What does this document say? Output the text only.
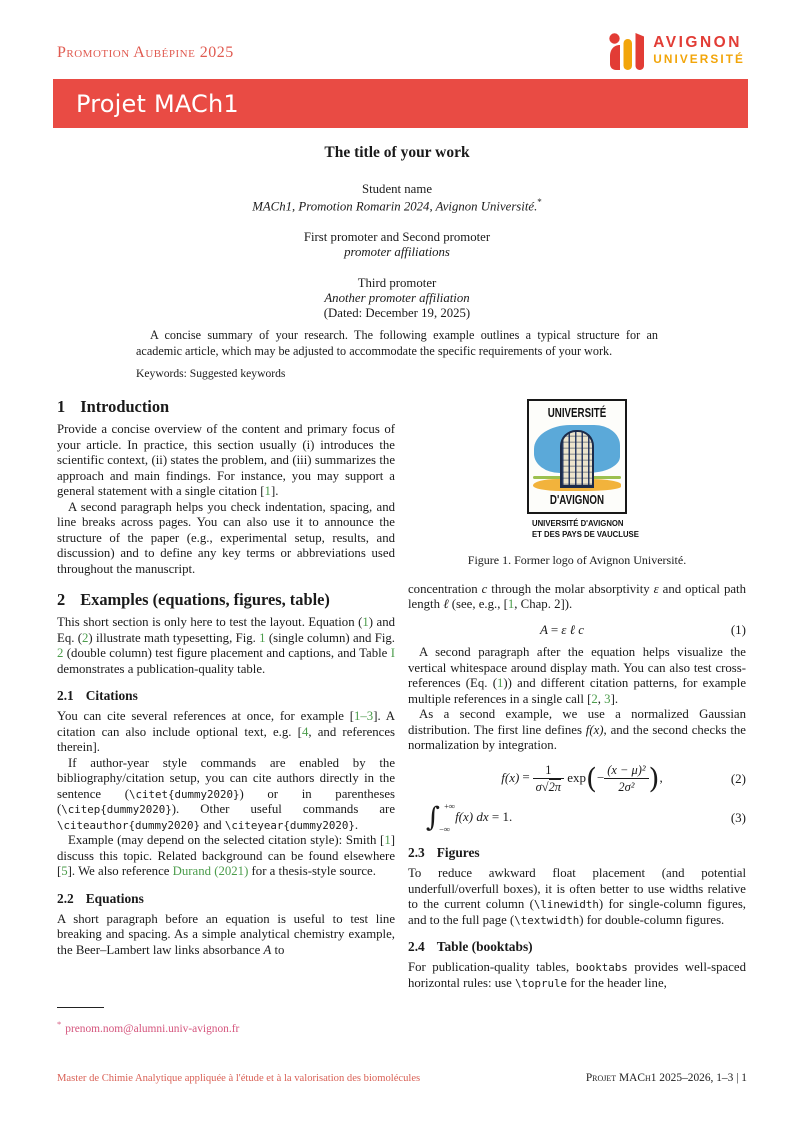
Promotion Aubépine 2025
AVIGNON
UNIVERSITÉ
Projet MACh1
The title of your work
Student name
MACh1, Promotion Romarin 2024, Avignon Université.*
First promoter and Second promoter
promoter affiliations
Third promoter
Another promoter affiliation
(Dated: December 19, 2025)

A concise summary of your research. The following example outlines a typical structure for an academic article, which may be adjusted to accommodate the specific requirements of your work.

Keywords: Suggested keywords

1 Introduction

Provide a concise overview of the content and primary focus of your article. In practice, this section usually (i) introduces the scientific context, (ii) states the problem, and (iii) summarizes the approach and main findings. For instance, you may support a general statement with a single citation [1].

A second paragraph helps you check indentation, spacing, and line breaks across pages. You can also use it to announce the structure of the paper (e.g., experimental setup, results, and discussion) and to define any key terms or abbreviations used throughout the manuscript.

2 Examples (equations, figures, table)

This short section is only here to test the layout. Equation (1) and Eq. (2) illustrate math typesetting, Fig. 1 (single column) and Fig. 2 (double column) test figure placement and captions, and Table I demonstrates a publication-quality table.

2.1 Citations

You can cite several references at once, for example [1–3]. A citation can also include optional text, e.g. [4, and references therein].

If author-year style commands are enabled by the bibliography/citation setup, you can cite authors directly in the sentence (\citet{dummy2020}) or in parentheses (\citep{dummy2020}). Other useful commands are \citeauthor{dummy2020} and \citeyear{dummy2020}.

Example (may depend on the selected citation style): Smith [1] discuss this topic. Related background can be found elsewhere [5]. We also reference Durand (2021) for a thesis-style source.

2.2 Equations

A short paragraph before an equation is useful to test line breaking and spacing. As a simple analytical chemistry example, the Beer–Lambert law links absorbance A to

UNIVERSITÉ
D'AVIGNON
UNIVERSITÉ D'AVIGNON
ET DES PAYS DE VAUCLUSE
Figure 1. Former logo of Avignon Université.

concentration c through the molar absorptivity ε and optical path length ℓ (see, e.g., [1, Chap. 2]).

A = ε ℓ c	(1)

A second paragraph after the equation helps visualize the vertical whitespace around display math. You can also test cross-references (Eq. (1)) and different citation patterns, for example multiple references in a single call [2, 3].

As a second example, we use a normalized Gaussian distribution. The first line defines f(x), and the second checks the normalization by integration.

$f(x) = \frac{1}{\sigma√2\pi} \exp(- \frac{\text{(x − μ)²}}{\text{2σ²}}$ ),	(2)
∫ +∞
−∞
f(x) dx = 1.	(3)
2.3 Figures

To reduce awkward float placement (and potential underfull/overfull boxes), it is often better to use widths relative to the current column (\linewidth) for single-column figures, and to the full page (\textwidth) for double-column figures.

2.4 Table (booktabs)

For publication-quality tables, booktabs provides well-spaced horizontal rules: use \toprule for the header line,

* prenom.nom@alumni.univ-avignon.fr
Master de Chimie Analytique appliquée à l'étude et à la valorisation des biomolécules	Projet MACh1 2025–2026, 1–3 | 1
